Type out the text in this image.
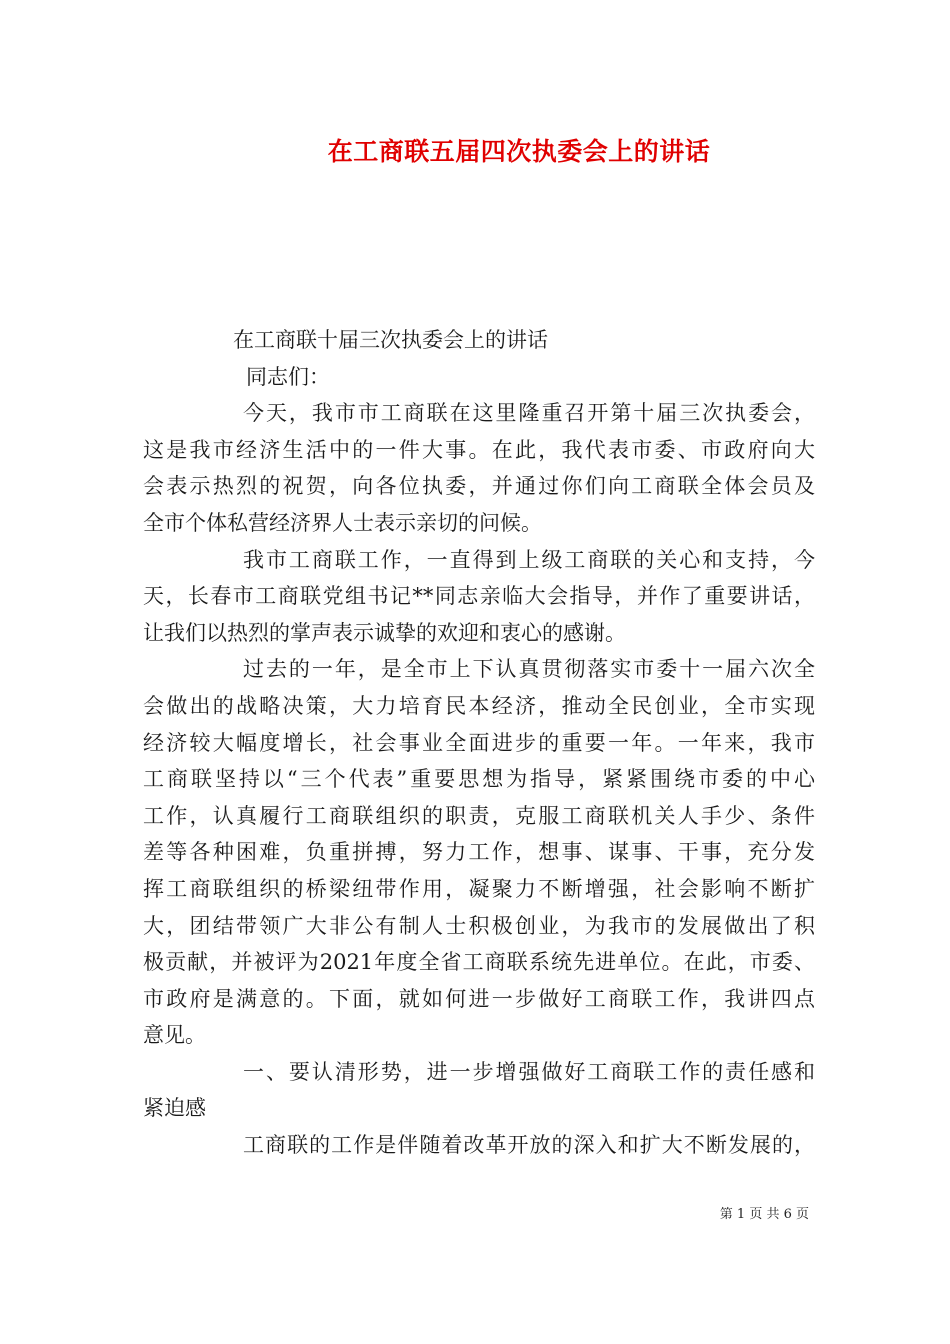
在工商联五届四次执委会上的讲话
在工商联十届三次执委会上的讲话
同志们：
今天，我市市工商联在这里隆重召开第十届三次执委会，
这是我市经济生活中的一件大事。在此，我代表市委、市政府向大
会表示热烈的祝贺，向各位执委，并通过你们向工商联全体会员及
全市个体私营经济界人士表示亲切的问候。
我市工商联工作，一直得到上级工商联的关心和支持，今
天，长春市工商联党组书记**同志亲临大会指导，并作了重要讲话，
让我们以热烈的掌声表示诚挚的欢迎和衷心的感谢。
过去的一年，是全市上下认真贯彻落实市委十一届六次全
会做出的战略决策，大力培育民本经济，推动全民创业，全市实现
经济较大幅度增长，社会事业全面进步的重要一年。一年来，我市
工商联坚持以“三个代表”重要思想为指导，紧紧围绕市委的中心
工作，认真履行工商联组织的职责，克服工商联机关人手少、条件
差等各种困难，负重拼搏，努力工作，想事、谋事、干事，充分发
挥工商联组织的桥梁纽带作用，凝聚力不断增强，社会影响不断扩
大，团结带领广大非公有制人士积极创业，为我市的发展做出了积
极贡献，并被评为2021年度全省工商联系统先进单位。在此，市委、
市政府是满意的。下面，就如何进一步做好工商联工作，我讲四点
意见。
一、要认清形势，进一步增强做好工商联工作的责任感和
紧迫感
工商联的工作是伴随着改革开放的深入和扩大不断发展的，
第 1 页 共 6 页
